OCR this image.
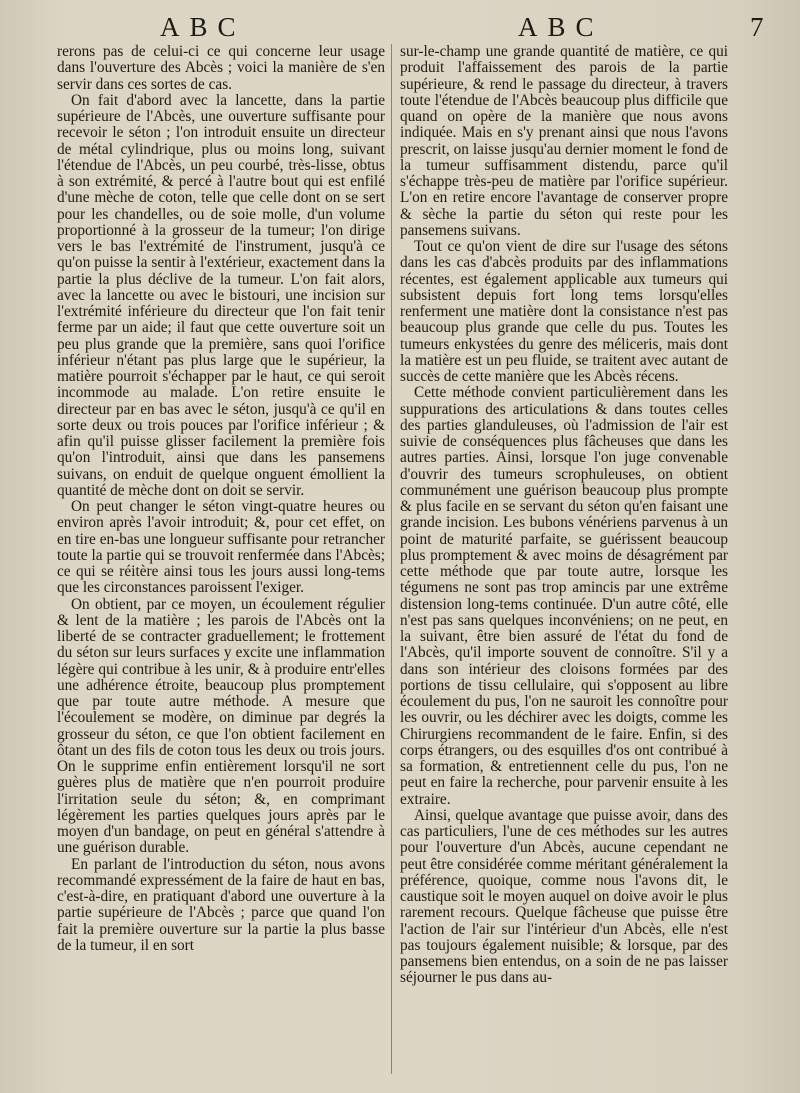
ABC	ABC	7

rerons pas de celui-ci ce qui concerne leur usage dans l'ouverture des Abcès ; voici la manière de s'en servir dans ces sortes de cas.

On fait d'abord avec la lancette, dans la partie supérieure de l'Abcès, une ouverture suffisante pour recevoir le séton ; l'on introduit ensuite un directeur de métal cylindrique, plus ou moins long, suivant l'étendue de l'Abcès, un peu courbé, très-lisse, obtus à son extrémité, & percé à l'autre bout qui est enfilé d'une mèche de coton, telle que celle dont on se sert pour les chandelles, ou de soie molle, d'un volume proportionné à la grosseur de la tumeur; l'on dirige vers le bas l'extrémité de l'instrument, jusqu'à ce qu'on puisse la sentir à l'extérieur, exactement dans la partie la plus déclive de la tumeur. L'on fait alors, avec la lancette ou avec le bistouri, une incision sur l'extrémité inférieure du directeur que l'on fait tenir ferme par un aide; il faut que cette ouverture soit un peu plus grande que la première, sans quoi l'orifice inférieur n'étant pas plus large que le supérieur, la matière pourroit s'échapper par le haut, ce qui seroit incommode au malade. L'on retire ensuite le directeur par en bas avec le séton, jusqu'à ce qu'il en sorte deux ou trois pouces par l'orifice inférieur ; & afin qu'il puisse glisser facilement la première fois qu'on l'introduit, ainsi que dans les pansemens suivans, on enduit de quelque onguent émollient la quantité de mèche dont on doit se servir.

On peut changer le séton vingt-quatre heures ou environ après l'avoir introduit; &, pour cet effet, on en tire en-bas une longueur suffisante pour retrancher toute la partie qui se trouvoit renfermée dans l'Abcès; ce qui se réitère ainsi tous les jours aussi long-tems que les circonstances paroissent l'exiger.

On obtient, par ce moyen, un écoulement régulier & lent de la matière ; les parois de l'Abcès ont la liberté de se contracter graduellement; le frottement du séton sur leurs surfaces y excite une inflammation légère qui contribue à les unir, & à produire entr'elles une adhérence étroite, beaucoup plus promptement que par toute autre méthode. A mesure que l'écoulement se modère, on diminue par degrés la grosseur du séton, ce que l'on obtient facilement en ôtant un des fils de coton tous les deux ou trois jours. On le supprime enfin entièrement lorsqu'il ne sort guères plus de matière que n'en pourroit produire l'irritation seule du séton; &, en comprimant légèrement les parties quelques jours après par le moyen d'un bandage, on peut en général s'attendre à une guérison durable.

En parlant de l'introduction du séton, nous avons recommandé expressément de la faire de haut en bas, c'est-à-dire, en pratiquant d'abord une ouverture à la partie supérieure de l'Abcès ; parce que quand l'on fait la première ouverture sur la partie la plus basse de la tumeur, il en sort

sur-le-champ une grande quantité de matière, ce qui produit l'affaissement des parois de la partie supérieure, & rend le passage du directeur, à travers toute l'étendue de l'Abcès beaucoup plus difficile que quand on opère de la manière que nous avons indiquée. Mais en s'y prenant ainsi que nous l'avons prescrit, on laisse jusqu'au dernier moment le fond de la tumeur suffisamment distendu, parce qu'il s'échappe très-peu de matière par l'orifice supérieur. L'on en retire encore l'avantage de conserver propre & sèche la partie du séton qui reste pour les pansemens suivans.

Tout ce qu'on vient de dire sur l'usage des sétons dans les cas d'abcès produits par des inflammations récentes, est également applicable aux tumeurs qui subsistent depuis fort long tems lorsqu'elles renferment une matière dont la consistance n'est pas beaucoup plus grande que celle du pus. Toutes les tumeurs enkystées du genre des méliceris, mais dont la matière est un peu fluide, se traitent avec autant de succès de cette manière que les Abcès récens.

Cette méthode convient particulièrement dans les suppurations des articulations & dans toutes celles des parties glanduleuses, où l'admission de l'air est suivie de conséquences plus fâcheuses que dans les autres parties. Ainsi, lorsque l'on juge convenable d'ouvrir des tumeurs scrophuleuses, on obtient communément une guérison beaucoup plus prompte & plus facile en se servant du séton qu'en faisant une grande incision. Les bubons vénériens parvenus à un point de maturité parfaite, se guérissent beaucoup plus promptement & avec moins de désagrément par cette méthode que par toute autre, lorsque les tégumens ne sont pas trop amincis par une extrême distension long-tems continuée. D'un autre côté, elle n'est pas sans quelques inconvéniens; on ne peut, en la suivant, être bien assuré de l'état du fond de l'Abcès, qu'il importe souvent de connoître. S'il y a dans son intérieur des cloisons formées par des portions de tissu cellulaire, qui s'opposent au libre écoulement du pus, l'on ne sauroit les connoître pour les ouvrir, ou les déchirer avec les doigts, comme les Chirurgiens recommandent de le faire. Enfin, si des corps étrangers, ou des esquilles d'os ont contribué à sa formation, & entretiennent celle du pus, l'on ne peut en faire la recherche, pour parvenir ensuite à les extraire.

Ainsi, quelque avantage que puisse avoir, dans des cas particuliers, l'une de ces méthodes sur les autres pour l'ouverture d'un Abcès, aucune cependant ne peut être considérée comme méritant généralement la préférence, quoique, comme nous l'avons dit, le caustique soit le moyen auquel on doive avoir le plus rarement recours. Quelque fâcheuse que puisse être l'action de l'air sur l'intérieur d'un Abcès, elle n'est pas toujours également nuisible; & lorsque, par des pansemens bien entendus, on a soin de ne pas laisser séjourner le pus dans au-
